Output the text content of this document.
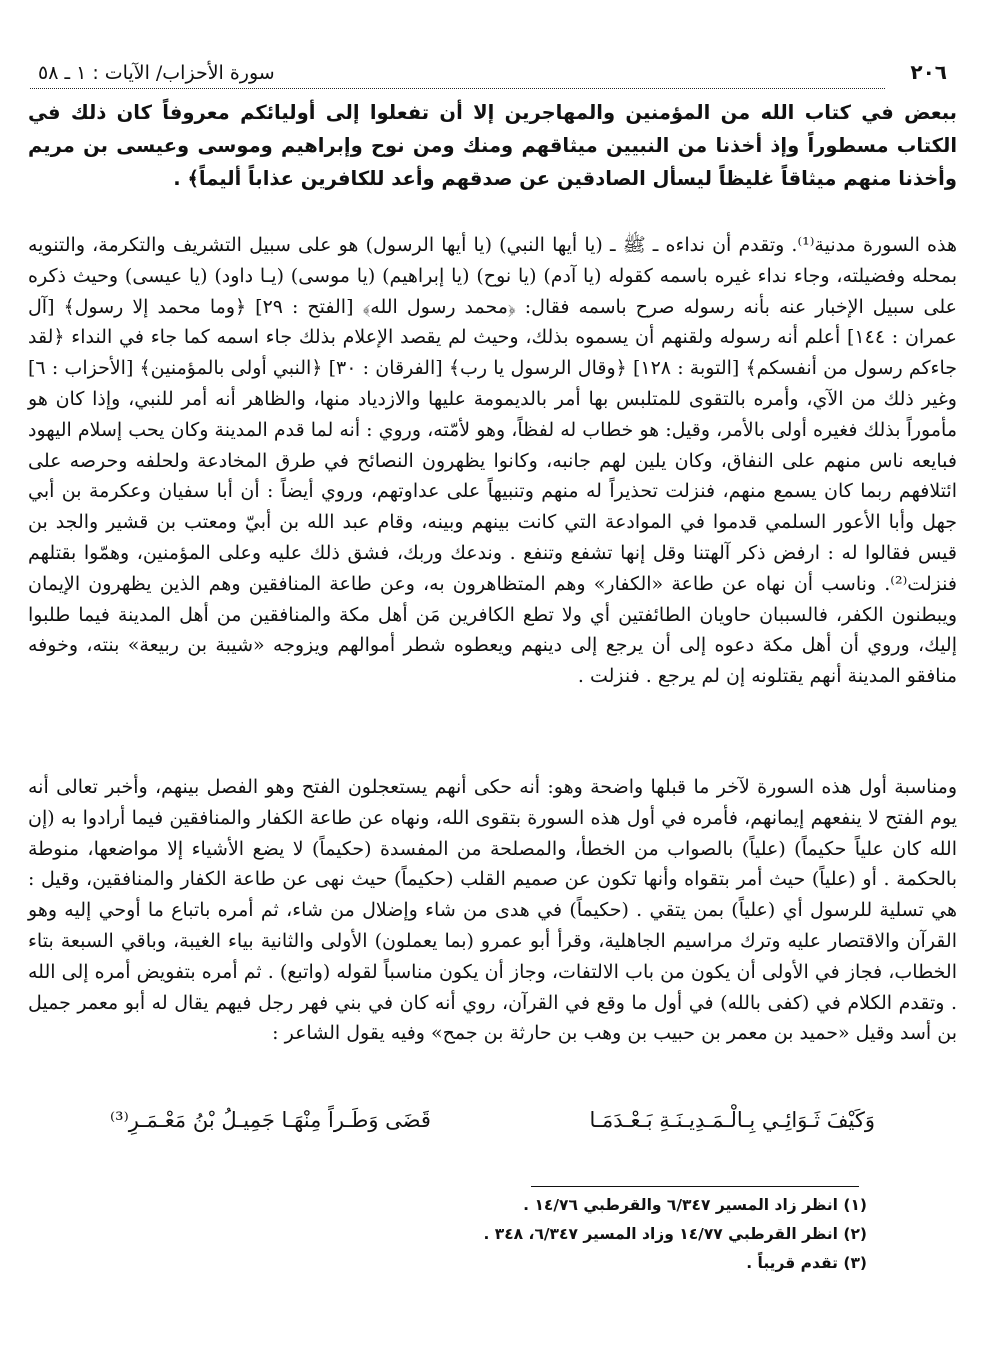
٢٠٦
سورة الأحزاب/ الآيات : ١ ـ ٥٨
ببعض في كتاب الله من المؤمنين والمهاجرين إلا أن تفعلوا إلى أوليائكم معروفاً كان ذلك في الكتاب مسطوراً وإذ أخذنا من النبيين ميثاقهم ومنك ومن نوح وإبراهيم وموسى وعيسى بن مريم وأخذنا منهم ميثاقاً غليظاً ليسأل الصادقين عن صدقهم وأعد للكافرين عذاباً أليماً﴾ .
هذه السورة مدنية⁽¹⁾. وتقدم أن نداءه ـ ﷺ ـ (يا أيها النبي) (يا أيها الرسول) هو على سبيل التشريف والتكرمة، والتنويه بمحله وفضيلته، وجاء نداء غيره باسمه كقوله (يا آدم) (يا نوح) (يا إبراهيم) (يا موسى) (يـا داود) (يا عيسى) وحيث ذكره على سبيل الإخبار عنه بأنه رسوله صرح باسمه فقال: ﴿محمد رسول الله﴾ [الفتح : ٢٩] ﴿وما محمد إلا رسول﴾ [آل عمران : ١٤٤] أعلم أنه رسوله ولقنهم أن يسموه بذلك، وحيث لم يقصد الإعلام بذلك جاء اسمه كما جاء في النداء ﴿لقد جاءكم رسول من أنفسكم﴾ [التوبة : ١٢٨] ﴿وقال الرسول يا رب﴾ [الفرقان : ٣٠] ﴿النبي أولى بالمؤمنين﴾ [الأحزاب : ٦] وغير ذلك من الآي، وأمره بالتقوى للمتلبس بها أمر بالديمومة عليها والازدياد منها، والظاهر أنه أمر للنبي، وإذا كان هو مأموراً بذلك فغيره أولى بالأمر، وقيل: هو خطاب له لفظاً، وهو لأمّته، وروي : أنه لما قدم المدينة وكان يحب إسلام اليهود فبايعه ناس منهم على النفاق، وكان يلين لهم جانبه، وكانوا يظهرون النصائح في طرق المخادعة ولحلفه وحرصه على ائتلافهم ربما كان يسمع منهم، فنزلت تحذيراً له منهم وتنبيهاً على عداوتهم، وروي أيضاً : أن أبا سفيان وعكرمة بن أبي جهل وأبا الأعور السلمي قدموا في الموادعة التي كانت بينهم وبينه، وقام عبد الله بن أبيّ ومعتب بن قشير والجد بن قيس فقالوا له : ارفض ذكر آلهتنا وقل إنها تشفع وتنفع . وندعك وربك، فشق ذلك عليه وعلى المؤمنين، وهمّوا بقتلهم فنزلت⁽²⁾. وناسب أن نهاه عن طاعة «الكفار» وهم المتظاهرون به، وعن طاعة المنافقين وهم الذين يظهرون الإيمان ويبطنون الكفر، فالسببان حاويان الطائفتين أي ولا تطع الكافرين مَن أهل مكة والمنافقين من أهل المدينة فيما طلبوا إليك، وروي أن أهل مكة دعوه إلى أن يرجع إلى دينهم ويعطوه شطر أموالهم ويزوجه «شيبة بن ربيعة» بنته، وخوفه منافقو المدينة أنهم يقتلونه إن لم يرجع . فنزلت .
ومناسبة أول هذه السورة لآخر ما قبلها واضحة وهو: أنه حكى أنهم يستعجلون الفتح وهو الفصل بينهم، وأخبر تعالى أنه يوم الفتح لا ينفعهم إيمانهم، فأمره في أول هذه السورة بتقوى الله، ونهاه عن طاعة الكفار والمنافقين فيما أرادوا به (إن الله كان علياً حكيماً) (علياً) بالصواب من الخطأ، والمصلحة من المفسدة (حكيماً) لا يضع الأشياء إلا مواضعها، منوطة بالحكمة . أو (علياً) حيث أمر بتقواه وأنها تكون عن صميم القلب (حكيماً) حيث نهى عن طاعة الكفار والمنافقين، وقيل : هي تسلية للرسول أي (علياً) بمن يتقي . (حكيماً) في هدى من شاء وإضلال من شاء، ثم أمره باتباع ما أوحي إليه وهو القرآن والاقتصار عليه وترك مراسيم الجاهلية، وقرأ أبو عمرو (بما يعملون) الأولى والثانية بياء الغيبة، وباقي السبعة بتاء الخطاب، فجاز في الأولى أن يكون من باب الالتفات، وجاز أن يكون مناسباً لقوله (واتبع) . ثم أمره بتفويض أمره إلى الله . وتقدم الكلام في (كفى بالله) في أول ما وقع في القرآن، روي أنه كان في بني فهر رجل فيهم يقال له أبو معمر جميل بن أسد وقيل «حميد بن معمر بن حبيب بن وهب بن حارثة بن جمح» وفيه يقول الشاعر :
وَكَيْفَ ثَـوَائِـي بِـالْـمَـدِيـنَـةِ بَـعْـدَمَـا
قَضَى وَطَـراً مِنْهَـا جَمِيـلُ بْنُ مَعْـمَـرِ⁽³⁾
(١) انظر زاد المسير ٦/٣٤٧ والقرطبي ١٤/٧٦ .
(٢) انظر القرطبي ١٤/٧٧ وزاد المسير ٦/٣٤٧، ٣٤٨ .
(٣) تقدم قريباً .
